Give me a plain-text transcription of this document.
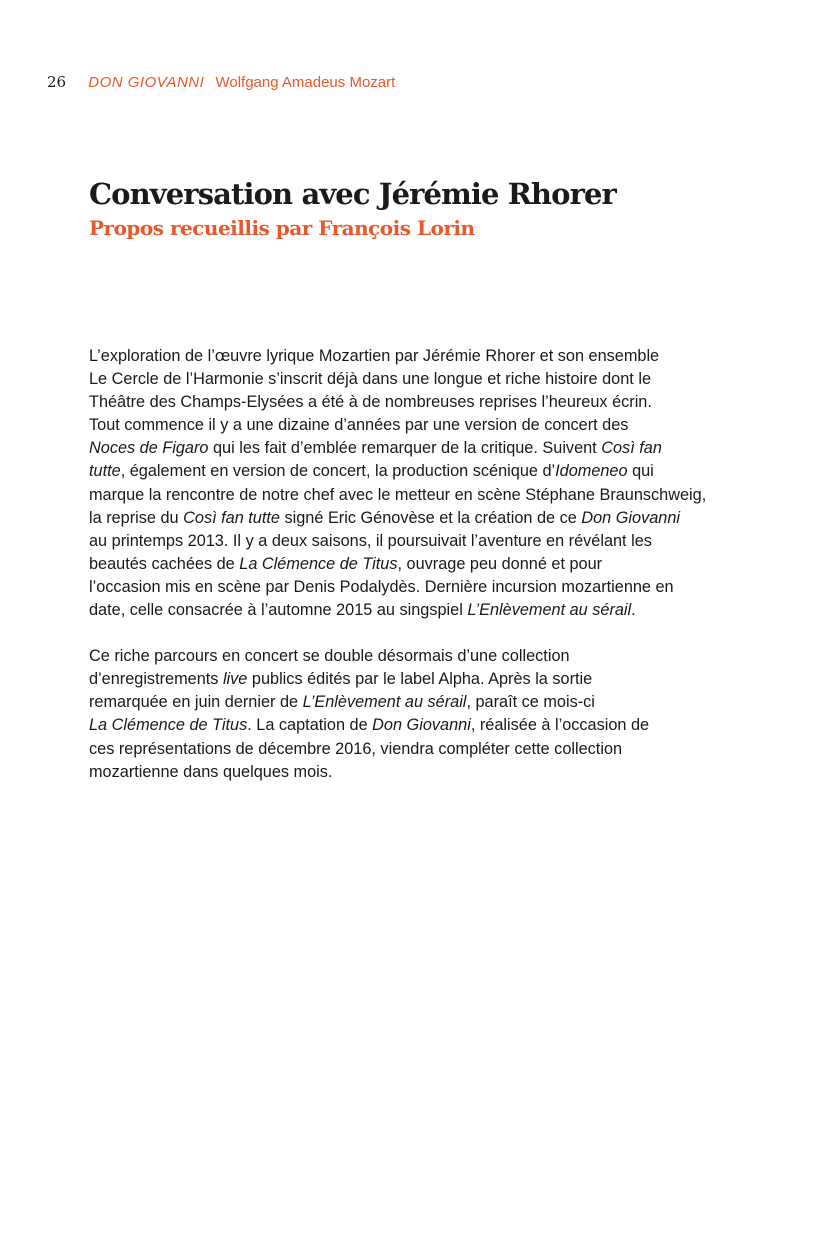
26 DON GIOVANNI Wolfgang Amadeus Mozart
Conversation avec Jérémie Rhorer
Propos recueillis par François Lorin
L’exploration de l’œuvre lyrique Mozartien par Jérémie Rhorer et son ensemble
Le Cercle de l’Harmonie s’inscrit déjà dans une longue et riche histoire dont le
Théâtre des Champs-Elysées a été à de nombreuses reprises l’heureux écrin.
Tout commence il y a une dizaine d’années par une version de concert des
Noces de Figaro qui les fait d’emblée remarquer de la critique. Suivent Così fan
tutte, également en version de concert, la production scénique d’Idomeneo qui
marque la rencontre de notre chef avec le metteur en scène Stéphane Braunschweig,
la reprise du Così fan tutte signé Eric Génovèse et la création de ce Don Giovanni
au printemps 2013. Il y a deux saisons, il poursuivait l’aventure en révélant les
beautés cachées de La Clémence de Titus, ouvrage peu donné et pour
l’occasion mis en scène par Denis Podalydès. Dernière incursion mozartienne en
date, celle consacrée à l’automne 2015 au singspiel L’Enlèvement au sérail.
Ce riche parcours en concert se double désormais d’une collection
d’enregistrements live publics édités par le label Alpha. Après la sortie
remarquée en juin dernier de L’Enlèvement au sérail, paraît ce mois-ci
La Clémence de Titus. La captation de Don Giovanni, réalisée à l’occasion de
ces représentations de décembre 2016, viendra compléter cette collection
mozartienne dans quelques mois.
